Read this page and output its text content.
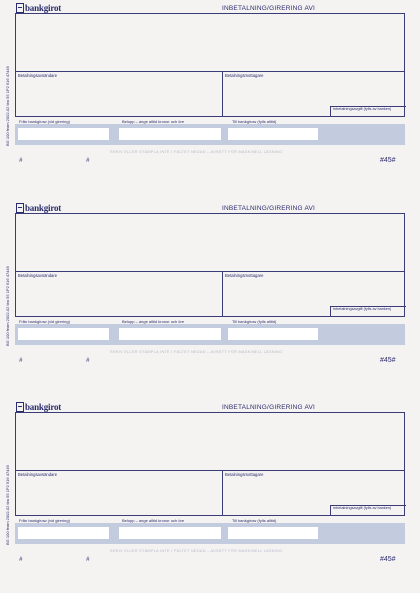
bankgirot	INBETALNING/GIRERING AVI
BG 100 feam 2002-02 tba 55 1P2 916 47449 Betalningsavsändare	Betalningsmottagare
Inbetalningsavgift (fylls av banken)
Från bankgirow (vid girering)	Belopp – ange alltid kronor och öre	Till bankgirow (fylls alltid)
SKRIV ELLER STÄMPLA INTE I FÄLTET NEDAN – AVSETT FÖR MASKINELL LÄSNING
#	#	#45#
bankgirot	INBETALNING/GIRERING AVI
BG 100 feam 2002-02 tba 55 1P2 916 47449 Betalningsavsändare	Betalningsmottagare
Inbetalningsavgift (fylls av banken)
Från bankgirow (vid girering)	Belopp – ange alltid kronor och öre	Till bankgirow (fylls alltid)
SKRIV ELLER STÄMPLA INTE I FÄLTET NEDAN – AVSETT FÖR MASKINELL LÄSNING
#	#	#45#
bankgirot	INBETALNING/GIRERING AVI
BG 100 feam 2002-02 tba 55 1P2 916 47449 Betalningsavsändare	Betalningsmottagare
Inbetalningsavgift (fylls av banken)
Från bankgirow (vid girering)	Belopp – ange alltid kronor och öre	Till bankgirow (fylls alltid)
SKRIV ELLER STÄMPLA INTE I FÄLTET NEDAN – AVSETT FÖR MASKINELL LÄSNING
#	#	#45#
